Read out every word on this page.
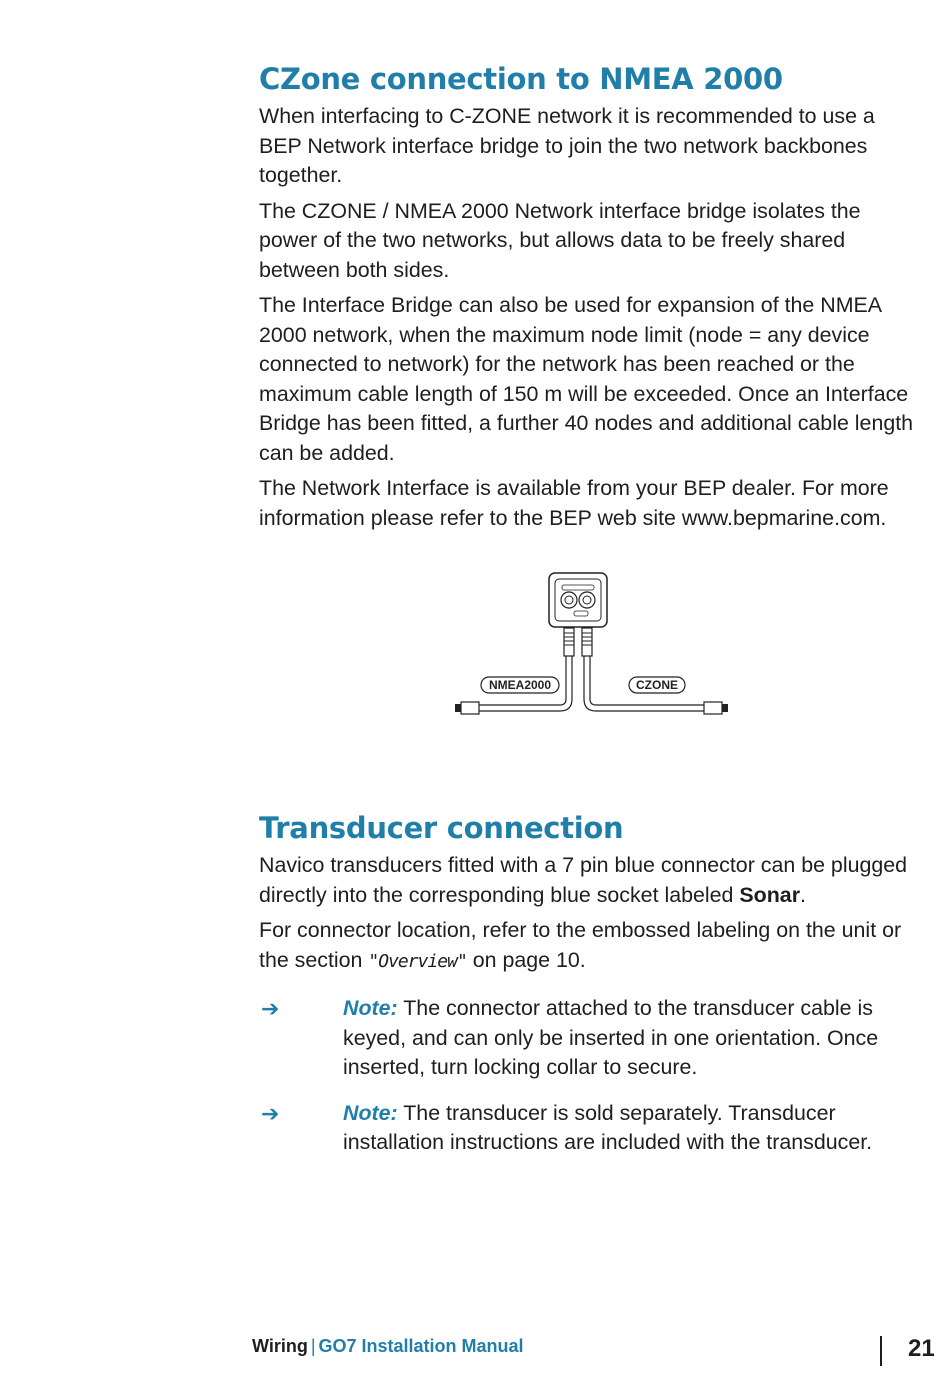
CZone connection to NMEA 2000

When interfacing to C-ZONE network it is recommended to use a BEP Network interface bridge to join the two network backbones together.

The CZONE / NMEA 2000 Network interface bridge isolates the power of the two networks, but allows data to be freely shared between both sides.

The Interface Bridge can also be used for expansion of the NMEA 2000 network, when the maximum node limit (node = any device connected to network) for the network has been reached or the maximum cable length of 150 m will be exceeded. Once an Interface Bridge has been fitted, a further 40 nodes and additional cable length can be added.

The Network Interface is available from your BEP dealer. For more information please refer to the BEP web site www.bepmarine.com.

NMEA2000	CZONE
Transducer connection

Navico transducers fitted with a 7 pin blue connector can be plugged directly into the corresponding blue socket labeled Sonar.

For connector location, refer to the embossed labeling on the unit or the section "Overview" on page 10.

➔	Note: The connector attached to the transducer cable is keyed, and can only be inserted in one orientation. Once inserted, turn locking collar to secure.

➔	Note: The transducer is sold separately. Transducer installation instructions are included with the transducer.

Wiring | GO7 Installation Manual	21
